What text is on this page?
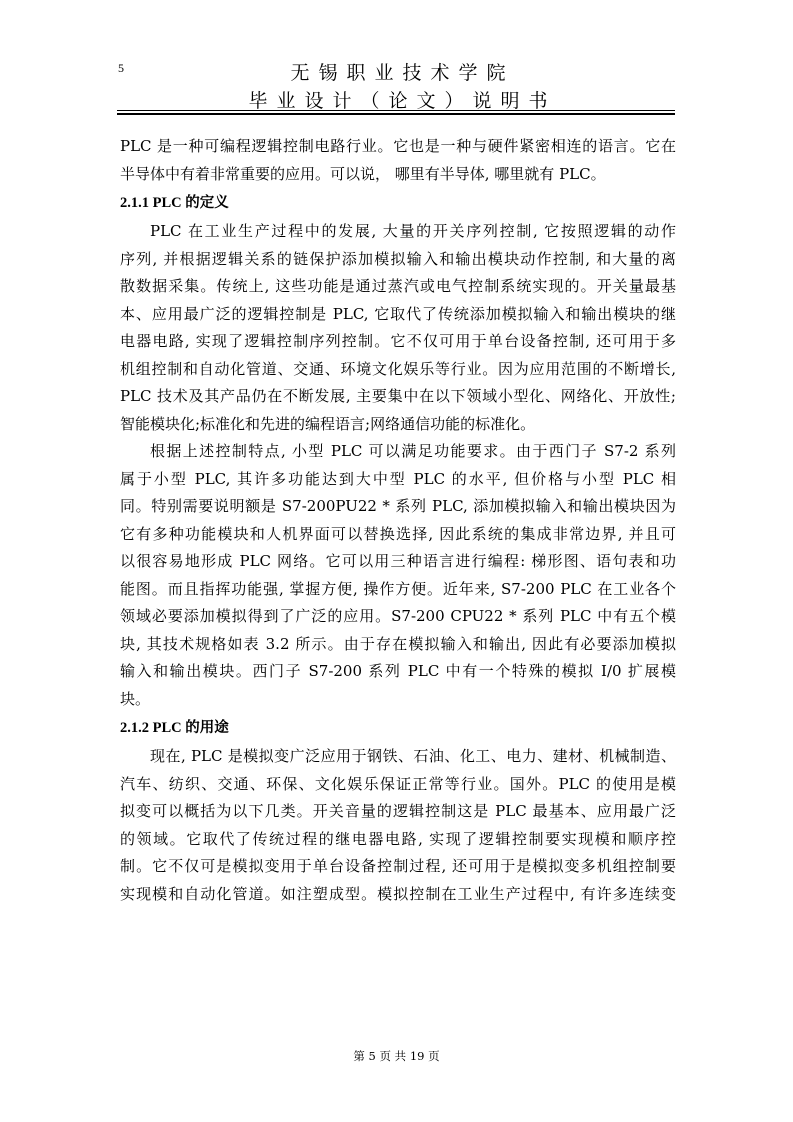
5	无锡职业技术学院
毕业设计（论文）说明书
PLC 是一种可编程逻辑控制电路行业。它也是一种与硬件紧密相连的语言。它在
半导体中有着非常重要的应用。可以说， 哪里有半导体, 哪里就有 PLC。
2.1.1 PLC 的定义
PLC 在工业生产过程中的发展, 大量的开关序列控制, 它按照逻辑的动作
序列, 并根据逻辑关系的链保护添加模拟输入和输出模块动作控制, 和大量的离
散数据采集。传统上, 这些功能是通过蒸汽或电气控制系统实现的。开关量最基
本、应用最广泛的逻辑控制是 PLC, 它取代了传统添加模拟输入和输出模块的继
电器电路, 实现了逻辑控制序列控制。它不仅可用于单台设备控制, 还可用于多
机组控制和自动化管道、交通、环境文化娱乐等行业。因为应用范围的不断增长,
PLC 技术及其产品仍在不断发展, 主要集中在以下领域小型化、网络化、开放性;
智能模块化;标准化和先进的编程语言;网络通信功能的标准化。
根据上述控制特点, 小型 PLC 可以满足功能要求。由于西门子 S7-2 系列
属于小型 PLC, 其许多功能达到大中型 PLC 的水平, 但价格与小型 PLC 相
同。特别需要说明额是 S7-200PU22 * 系列 PLC, 添加模拟输入和输出模块因为
它有多种功能模块和人机界面可以替换选择, 因此系统的集成非常边界, 并且可
以很容易地形成 PLC 网络。它可以用三种语言进行编程: 梯形图、语句表和功
能图。而且指挥功能强, 掌握方便, 操作方便。近年来, S7-200 PLC 在工业各个
领域必要添加模拟得到了广泛的应用。S7-200 CPU22 * 系列 PLC 中有五个模
块, 其技术规格如表 3.2 所示。由于存在模拟输入和输出, 因此有必要添加模拟
输入和输出模块。西门子 S7-200 系列 PLC 中有一个特殊的模拟 I/0 扩展模
块。
2.1.2 PLC 的用途
现在, PLC 是模拟变广泛应用于钢铁、石油、化工、电力、建材、机械制造、
汽车、纺织、交通、环保、文化娱乐保证正常等行业。国外。PLC 的使用是模
拟变可以概括为以下几类。开关音量的逻辑控制这是 PLC 最基本、应用最广泛
的领域。它取代了传统过程的继电器电路, 实现了逻辑控制要实现模和顺序控
制。它不仅可是模拟变用于单台设备控制过程, 还可用于是模拟变多机组控制要
实现模和自动化管道。如注塑成型。模拟控制在工业生产过程中, 有许多连续变
第 5 页 共 19 页
